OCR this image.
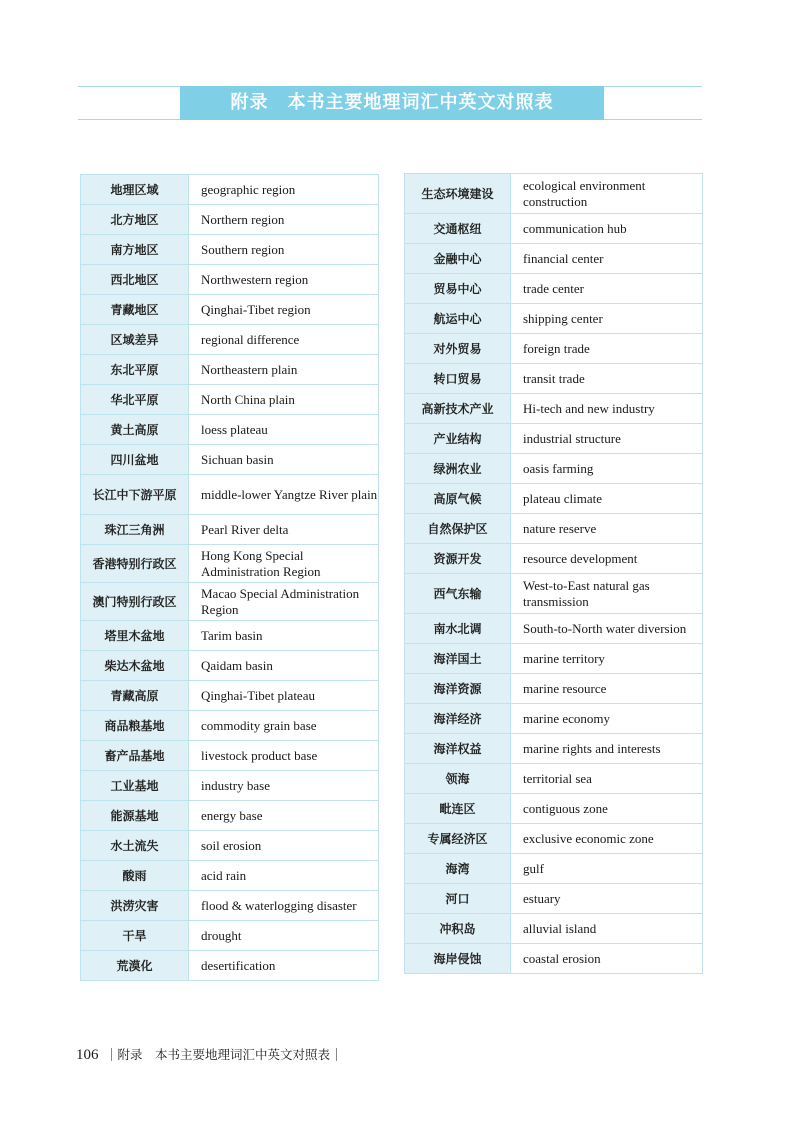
附录　本书主要地理词汇中英文对照表
地理区域	geographic region
北方地区	Northern region
南方地区	Southern region
西北地区	Northwestern region
青藏地区	Qinghai-Tibet region
区域差异	regional difference
东北平原	Northeastern plain
华北平原	North China plain
黄土高原	loess plateau
四川盆地	Sichuan basin
长江中下游平原	middle-lower Yangtze River plain
珠江三角洲	Pearl River delta
香港特别行政区	Hong Kong Special Administration Region
澳门特别行政区	Macao Special Administration Region
塔里木盆地	Tarim basin
柴达木盆地	Qaidam basin
青藏高原	Qinghai-Tibet plateau
商品粮基地	commodity grain base
畜产品基地	livestock product base
工业基地	industry base
能源基地	energy base
水土流失	soil erosion
酸雨	acid rain
洪涝灾害	flood & waterlogging disaster
干旱	drought
荒漠化	desertification
生态环境建设	ecological environment construction
交通枢纽	communication hub
金融中心	financial center
贸易中心	trade center
航运中心	shipping center
对外贸易	foreign trade
转口贸易	transit trade
高新技术产业	Hi-tech and new industry
产业结构	industrial structure
绿洲农业	oasis farming
高原气候	plateau climate
自然保护区	nature reserve
资源开发	resource development
西气东输	West-to-East natural gas transmission
南水北调	South-to-North water diversion
海洋国土	marine territory
海洋资源	marine resource
海洋经济	marine economy
海洋权益	marine rights and interests
领海	territorial sea
毗连区	contiguous zone
专属经济区	exclusive economic zone
海湾	gulf
河口	estuary
冲积岛	alluvial island
海岸侵蚀	coastal erosion
106 附录　本书主要地理词汇中英文对照表
